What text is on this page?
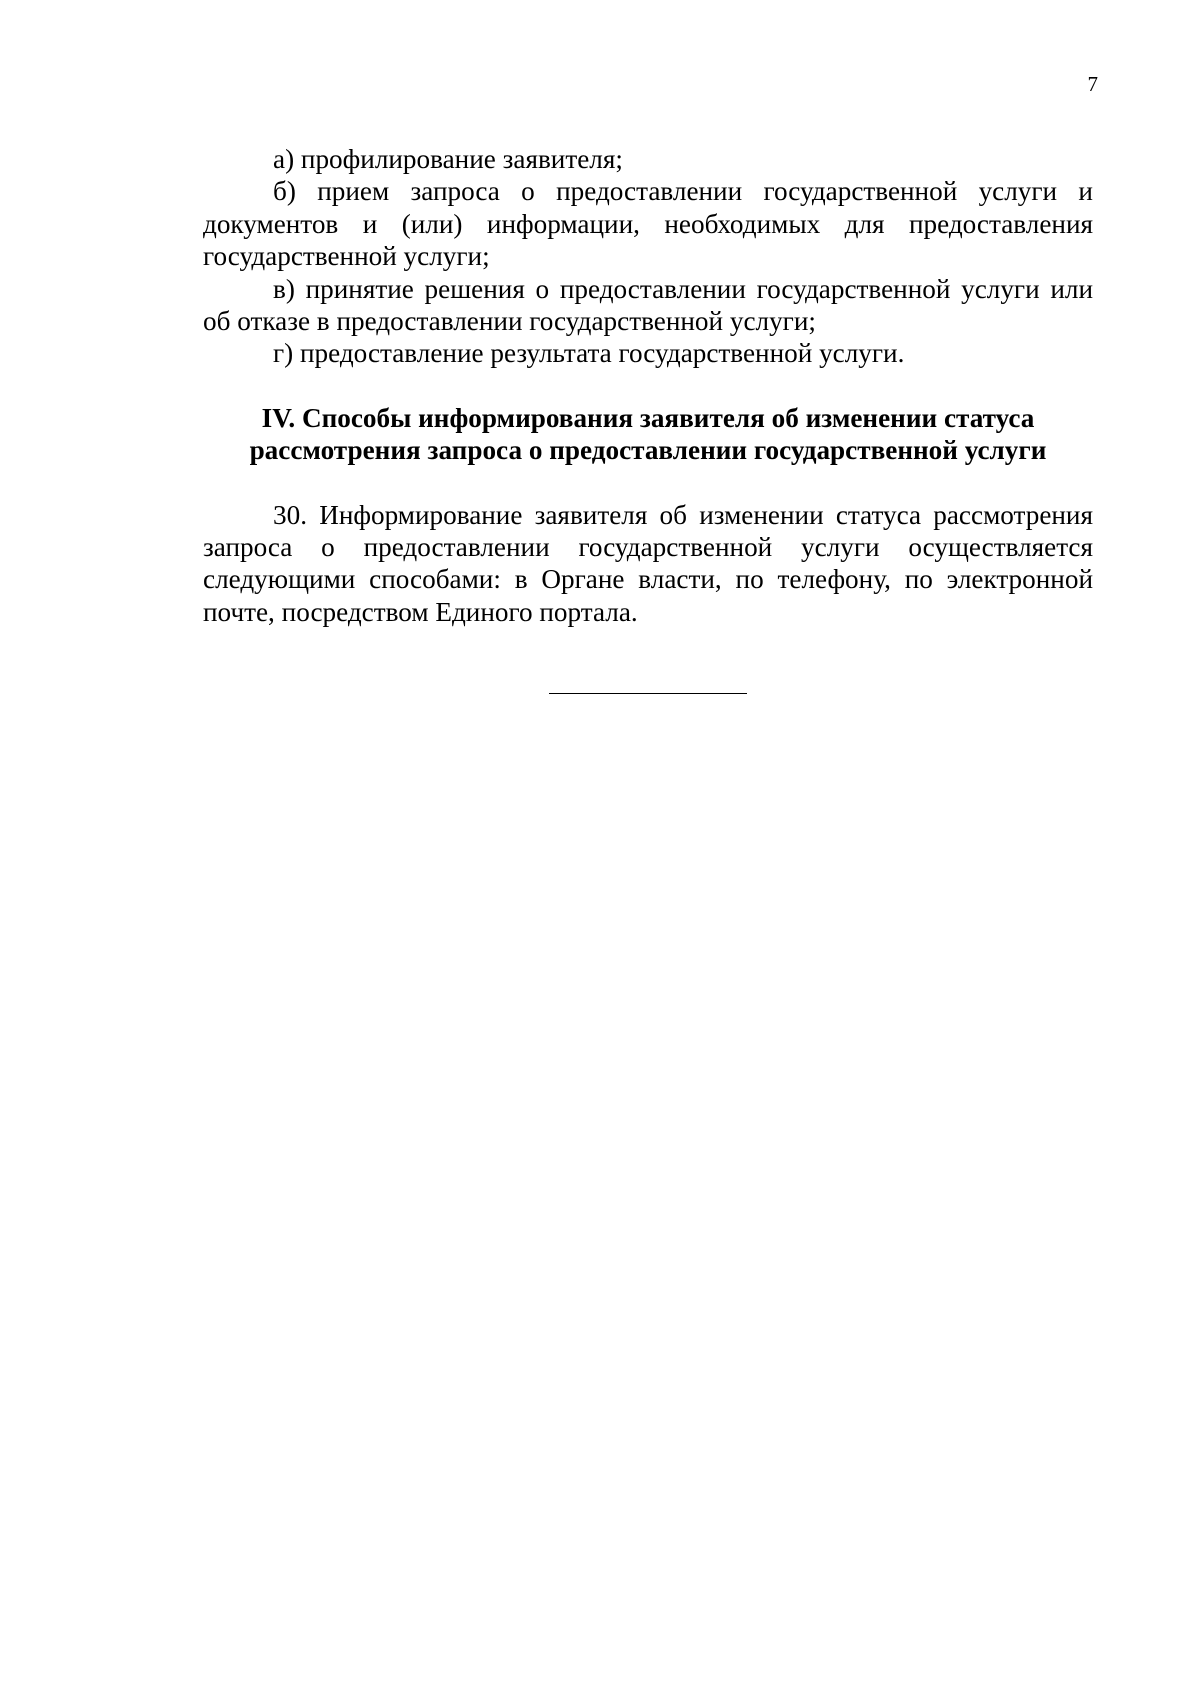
7

а) профилирование заявителя;

б) прием запроса о предоставлении государственной услуги и документов и (или) информации, необходимых для предоставления государственной услуги;

в) принятие решения о предоставлении государственной услуги или об отказе в предоставлении государственной услуги;

г) предоставление результата государственной услуги.

IV. Способы информирования заявителя об изменении статуса
рассмотрения запроса о предоставлении государственной услуги

30. Информирование заявителя об изменении статуса рассмотрения запроса о предоставлении государственной услуги осуществляется следующими способами: в Органе власти, по телефону, по электронной почте, посредством Единого портала.
